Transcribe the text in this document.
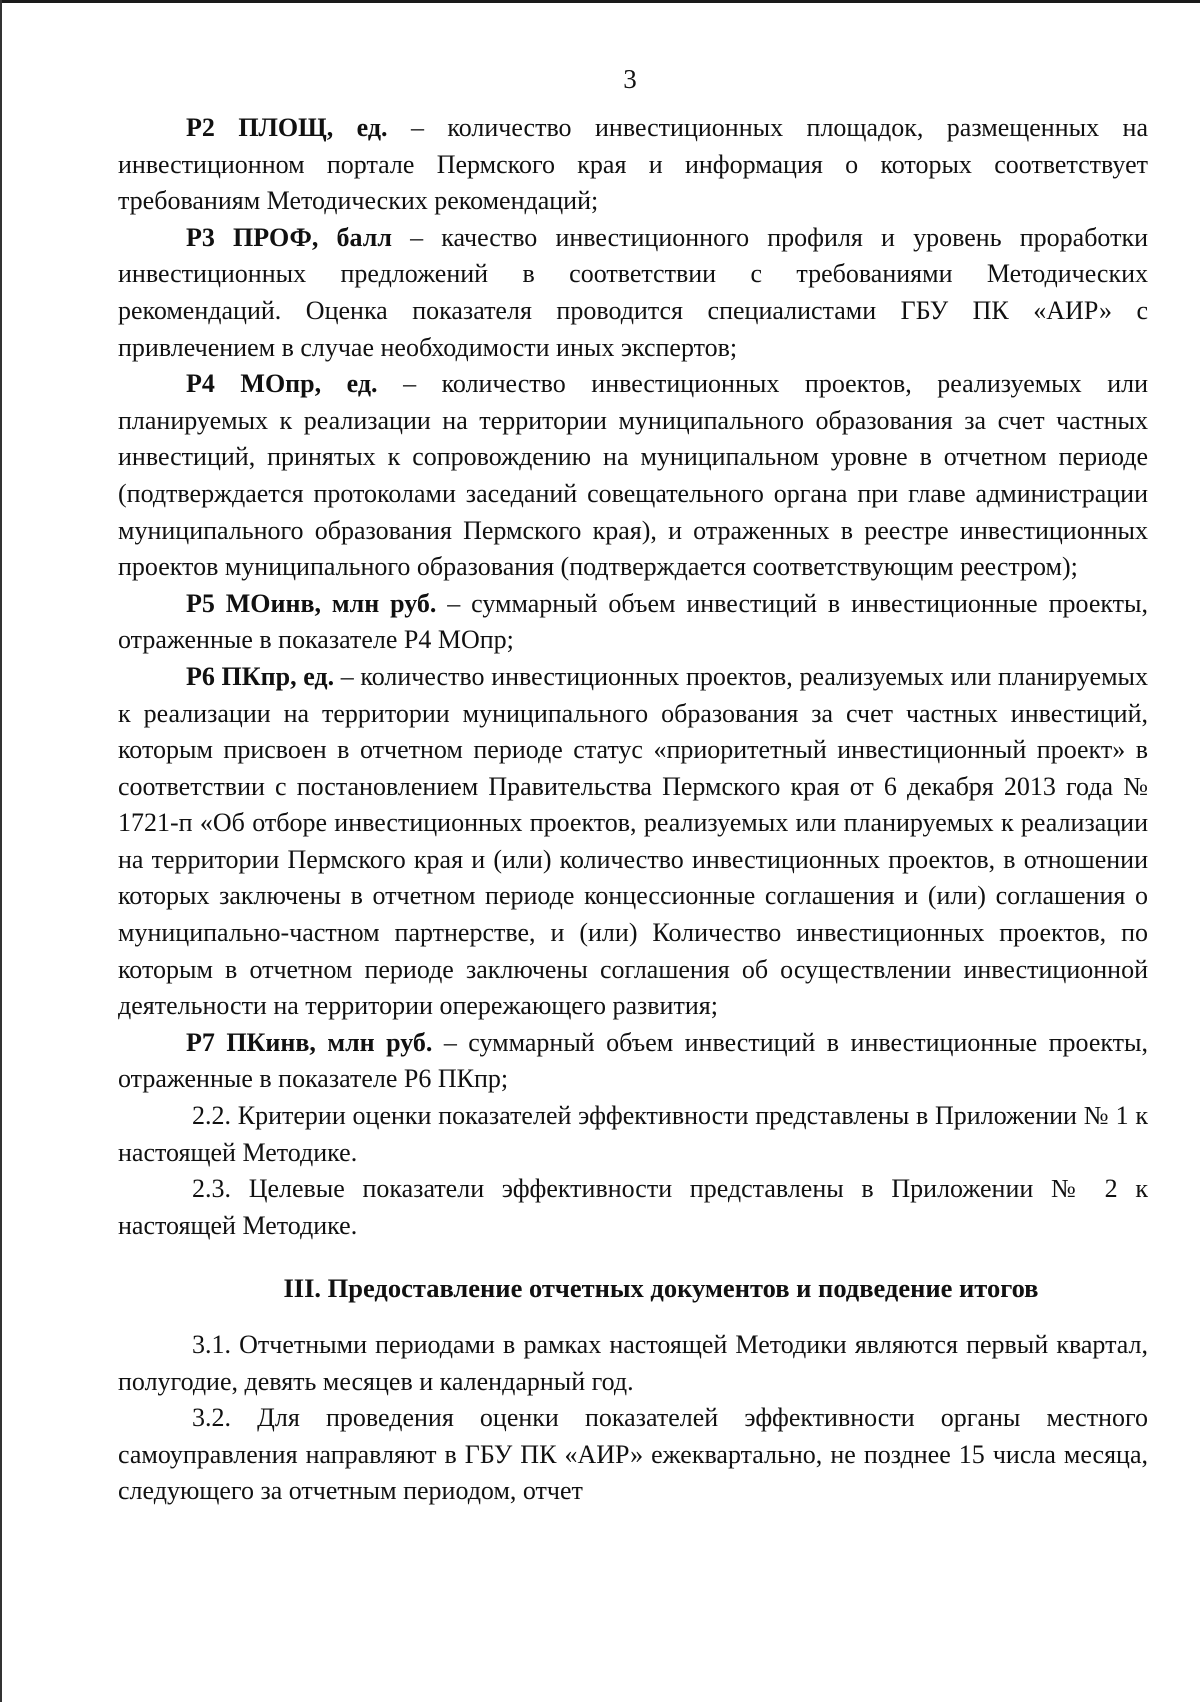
3

Р2 ПЛОЩ, ед. – количество инвестиционных площадок, размещенных на инвестиционном портале Пермского края и информация о которых соответствует требованиям Методических рекомендаций;

Р3 ПРОФ, балл – качество инвестиционного профиля и уровень проработки инвестиционных предложений в соответствии с требованиями Методических рекомендаций. Оценка показателя проводится специалистами ГБУ ПК «АИР» с привлечением в случае необходимости иных экспертов;

Р4 МОпр, ед. – количество инвестиционных проектов, реализуемых или планируемых к реализации на территории муниципального образования за счет частных инвестиций, принятых к сопровождению на муниципальном уровне в отчетном периоде (подтверждается протоколами заседаний совещательного органа при главе администрации муниципального образования Пермского края), и отраженных в реестре инвестиционных проектов муниципального образования (подтверждается соответствующим реестром);

Р5 МОинв, млн руб. – суммарный объем инвестиций в инвестиционные проекты, отраженные в показателе Р4 МОпр;

Р6 ПКпр, ед. – количество инвестиционных проектов, реализуемых или планируемых к реализации на территории муниципального образования за счет частных инвестиций, которым присвоен в отчетном периоде статус «приоритетный инвестиционный проект» в соответствии с постановлением Правительства Пермского края от 6 декабря 2013 года № 1721-п «Об отборе инвестиционных проектов, реализуемых или планируемых к реализации на территории Пермского края и (или) количество инвестиционных проектов, в отношении которых заключены в отчетном периоде концессионные соглашения и (или) соглашения о муниципально-частном партнерстве, и (или) Количество инвестиционных проектов, по которым в отчетном периоде заключены соглашения об осуществлении инвестиционной деятельности на территории опережающего развития;

Р7 ПКинв, млн руб. – суммарный объем инвестиций в инвестиционные проекты, отраженные в показателе Р6 ПКпр;

2.2. Критерии оценки показателей эффективности представлены в Приложении № 1 к настоящей Методике.

2.3. Целевые показатели эффективности представлены в Приложении № 2 к настоящей Методике.

III. Предоставление отчетных документов и подведение итогов

3.1. Отчетными периодами в рамках настоящей Методики являются первый квартал, полугодие, девять месяцев и календарный год.

3.2. Для проведения оценки показателей эффективности органы местного самоуправления направляют в ГБУ ПК «АИР» ежеквартально, не позднее 15 числа месяца, следующего за отчетным периодом, отчет
